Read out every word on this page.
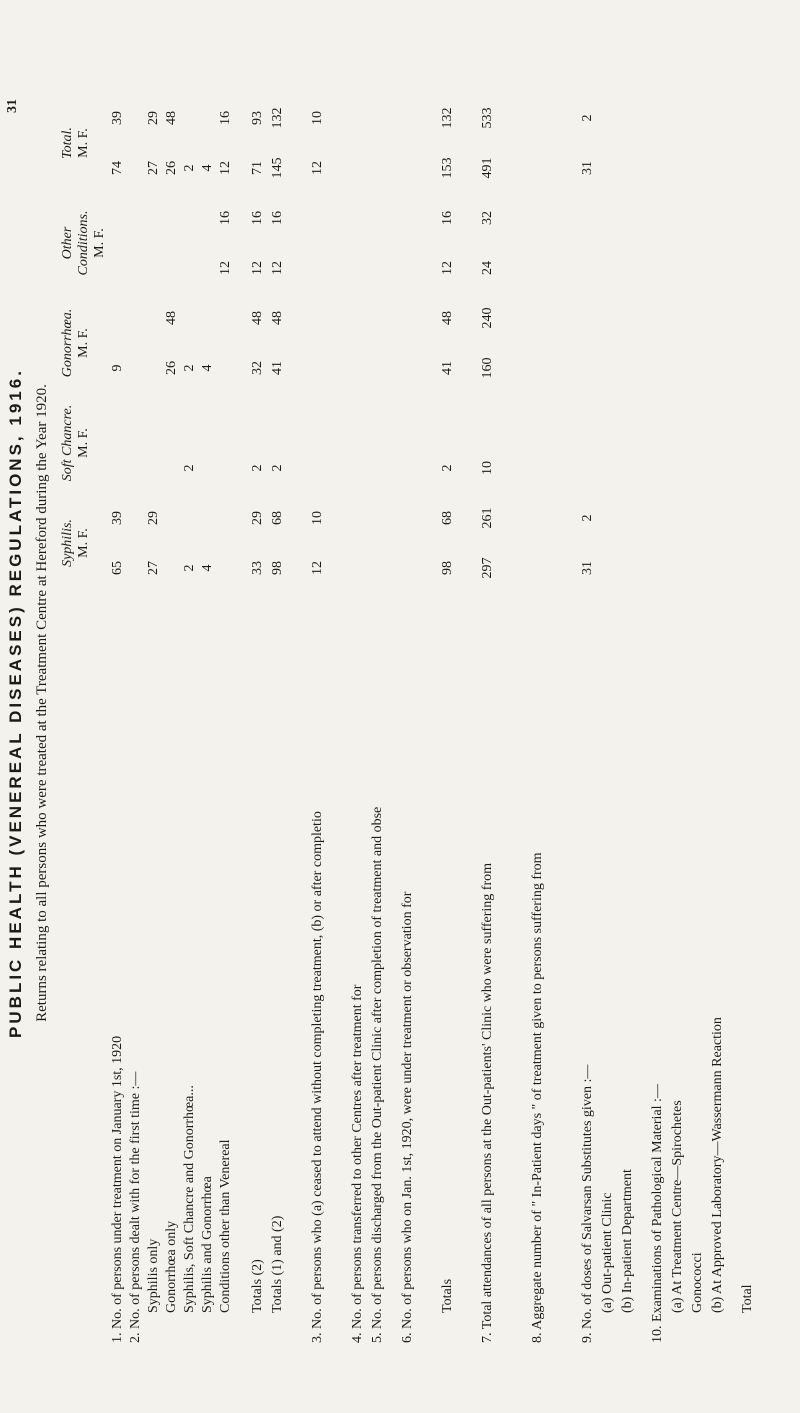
PUBLIC HEALTH (VENEREAL DISEASES) REGULATIONS, 1916. Returns relating to all persons who were treated at the Treatment Centre at Hereford during the Year 1920.
31
Syphilis. M. F.
Soft Chancre. M. F.
Gonorrhœa. M. F.
Other Conditions. M. F.
Total. M. F.
1. No. of persons under treatment on January 1st, 1920
65
39
9
74
39
2. No. of persons dealt with for the first time :— Syphilis only
27
29
27
29
Gonorrhœa only
26
48
26
48
Syphilis, Soft Chancre and Gonorrhœa...
2
2
2
2
Syphilis and Gonorrhœa
4
4
4
Conditions other than Venereal
12
16
12
16
Totals (2)
33
29
2
32
48
12
16
71
93
Totals (1) and (2)
98
68
2
41
48
12
16
145
132
3. No. of persons who (a) ceased to attend without completing treatment, (b) or after completio
12
10
12
10
4. No. of persons transferred to other Centres after treatment for 5. No. of persons discharged from the Out-patient Clinic after completion of treatment and obse 6. No. of persons who on Jan. 1st, 1920, were under treatment or observation for Totals
98
68
2
41
48
12
16
153
132
7. Total attendances of all persons at the Out-patients' Clinic who were suffering from
297
261
10
160
240
24
32
491
533
8. Aggregate number of " In-Patient days " of treatment given to persons suffering from	9. No. of doses of Salvarsan Substitutes given :—
31
2
31
2
(a) Out-patient Clinic (b) In-patient Department 10. Examinations of Pathological Material :— (a) At Treatment Centre—Spirochetes Gonococci (b) At Approved Laboratory—Wassermann Reaction Total
